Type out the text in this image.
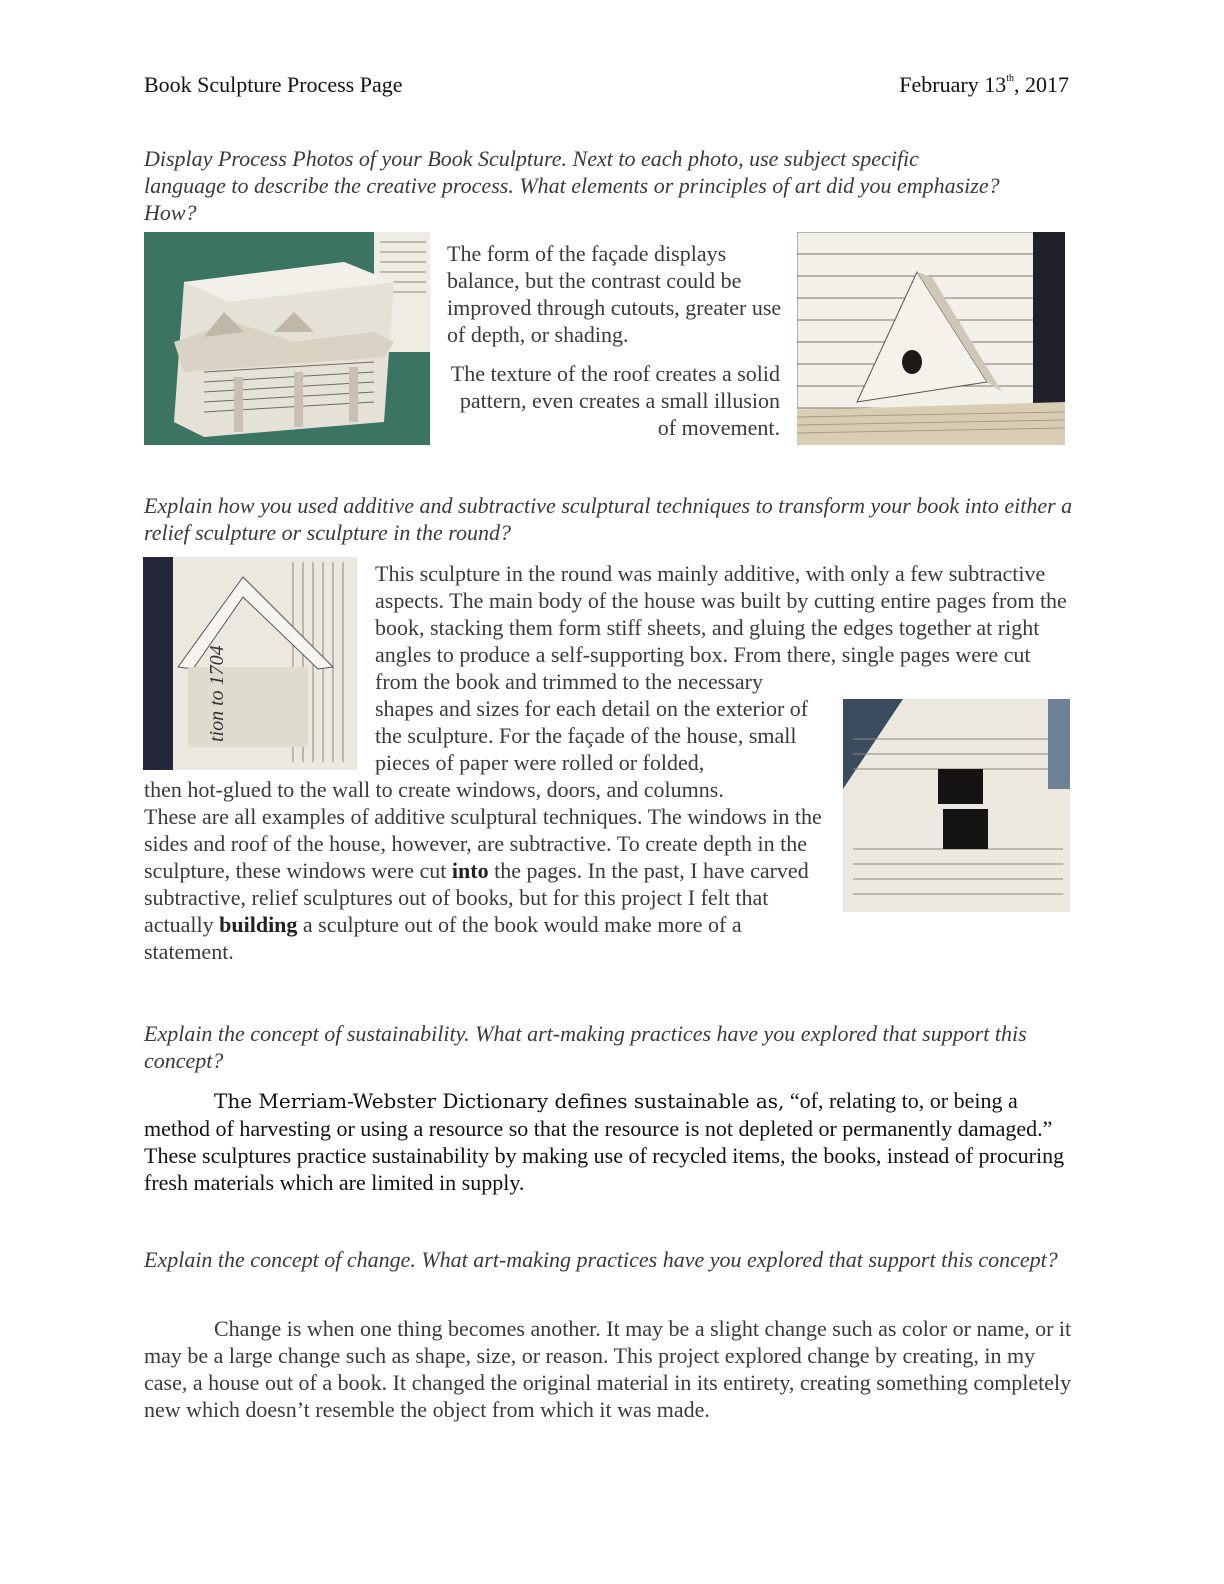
Book Sculpture Process Page	February 13th, 2017
Display Process Photos of your Book Sculpture. Next to each photo, use subject specific language to describe the creative process. What elements or principles of art did you emphasize? How?
The form of the façade displays balance, but the contrast could be improved through cutouts, greater use of depth, or shading.
The texture of the roof creates a solid pattern, even creates a small illusion of movement.
Explain how you used additive and subtractive sculptural techniques to transform your book into either a relief sculpture or sculpture in the round?
tion to 1704
This sculpture in the round was mainly additive, with only a few subtractive aspects. The main body of the house was built by cutting entire pages from the book, stacking them form stiff sheets, and gluing the edges together at right angles to produce a self-supporting box. From there, single pages were cut from the book and trimmed to the necessary
shapes and sizes for each detail on the exterior of the sculpture. For the façade of the house, small pieces of paper were rolled or folded,
then hot-glued to the wall to create windows, doors, and columns.
These are all examples of additive sculptural techniques. The windows in the sides and roof of the house, however, are subtractive. To create depth in the sculpture, these windows were cut into the pages. In the past, I have carved subtractive, relief sculptures out of books, but for this project I felt that actually building a sculpture out of the book would make more of a statement.
Explain the concept of sustainability. What art-making practices have you explored that support this concept?
The Merriam-Webster Dictionary defines sustainable as, “of, relating to, or being a method of harvesting or using a resource so that the resource is not depleted or permanently damaged.” These sculptures practice sustainability by making use of recycled items, the books, instead of procuring fresh materials which are limited in supply.
Explain the concept of change. What art-making practices have you explored that support this concept?
Change is when one thing becomes another. It may be a slight change such as color or name, or it may be a large change such as shape, size, or reason. This project explored change by creating, in my case, a house out of a book. It changed the original material in its entirety, creating something completely new which doesn’t resemble the object from which it was made.
